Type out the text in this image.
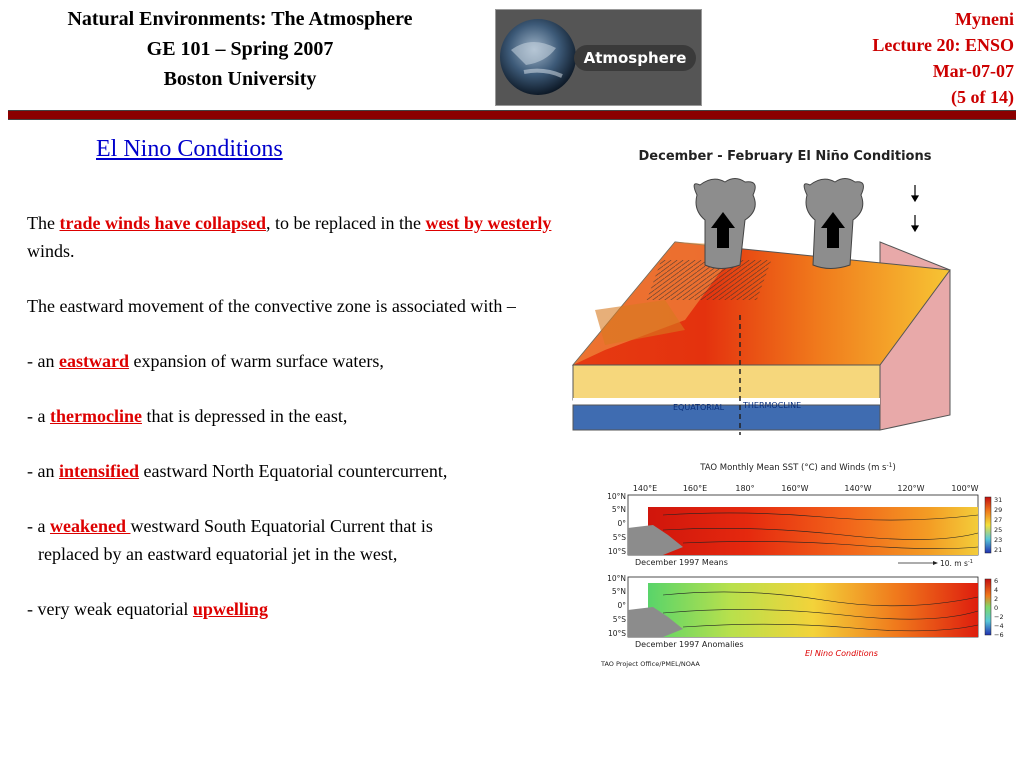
Natural Environments: The Atmosphere
GE 101 – Spring 2007
Boston University
Atmosphere
Myneni
Lecture 20: ENSO
Mar-07-07
(5 of 14)
El Nino Conditions

The trade winds have collapsed, to be replaced in the west by westerly winds.

The eastward movement of the convective zone is associated with –

- an eastward expansion of warm surface waters,

- a thermocline that is depressed in the east,

- an intensified eastward North Equatorial countercurrent,

- a weakened westward South Equatorial Current that is
replaced by an eastward equatorial jet in the west,

- very weak equatorial upwelling

December - February El Niño Conditions
EQUATORIAL THERMOCLINE
TAO Monthly Mean SST (°C) and Winds (m $s^{-1}$)
140°E	160°E	180°	160°W	140°W	120°W	100°W
10°N
5°N
0°
5°S
10°S
December 1997 Means	10. m $s^{-1}$
31
29
27
25
23
21
10°N
5°N
0°
5°S
10°S
December 1997 Anomalies
El Nino Conditions
6
4
2
0
−2
−4
−6
TAO Project Office/PMEL/NOAA
